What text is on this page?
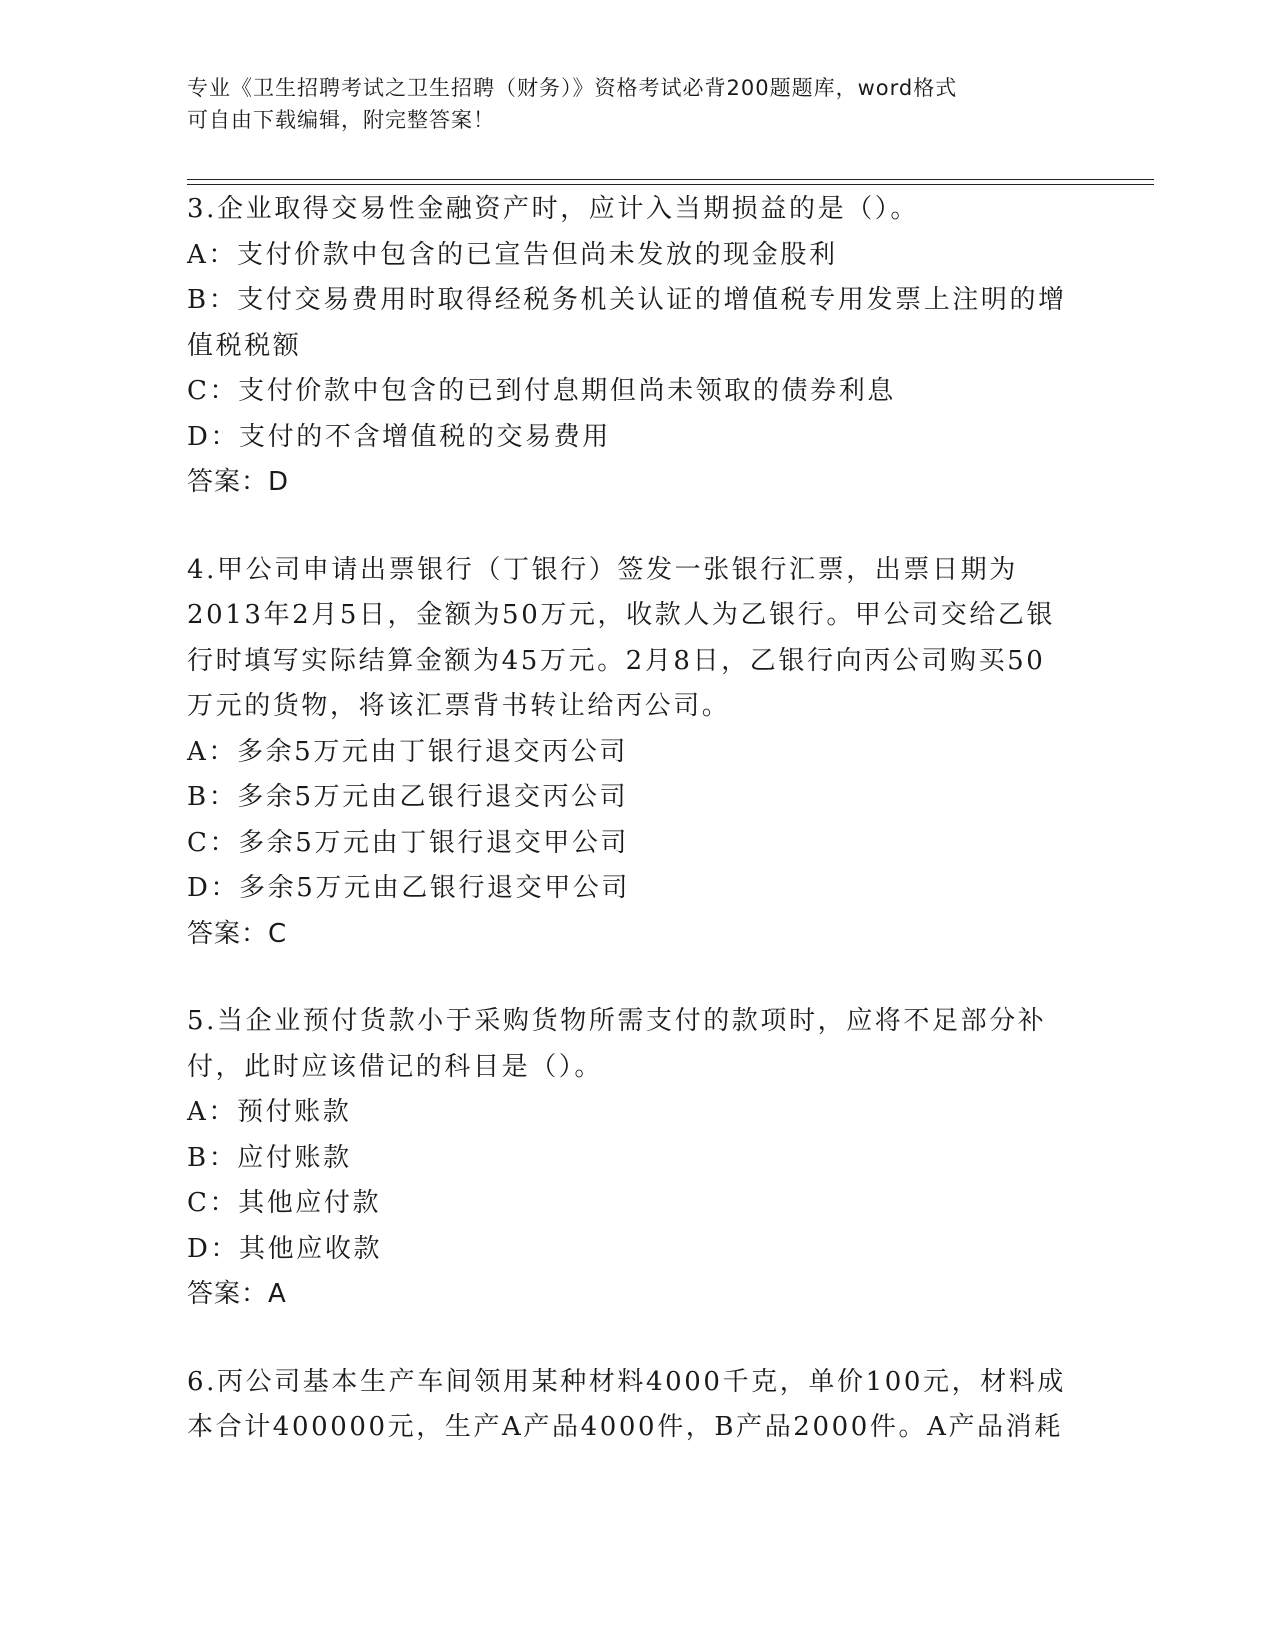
专业《卫生招聘考试之卫生招聘（财务）》资格考试必背200题题库，word格式
可自由下载编辑，附完整答案！
3.企业取得交易性金融资产时，应计入当期损益的是（）。
A：支付价款中包含的已宣告但尚未发放的现金股利
B：支付交易费用时取得经税务机关认证的增值税专用发票上注明的增
值税税额
C：支付价款中包含的已到付息期但尚未领取的债券利息
D：支付的不含增值税的交易费用
答案：D
4.甲公司申请出票银行（丁银行）签发一张银行汇票，出票日期为
2013年2月5日，金额为50万元，收款人为乙银行。甲公司交给乙银
行时填写实际结算金额为45万元。2月8日，乙银行向丙公司购买50
万元的货物，将该汇票背书转让给丙公司。
A：多余5万元由丁银行退交丙公司
B：多余5万元由乙银行退交丙公司
C：多余5万元由丁银行退交甲公司
D：多余5万元由乙银行退交甲公司
答案：C
5.当企业预付货款小于采购货物所需支付的款项时，应将不足部分补
付，此时应该借记的科目是（）。
A：预付账款
B：应付账款
C：其他应付款
D：其他应收款
答案：A
6.丙公司基本生产车间领用某种材料4000千克，单价100元，材料成
本合计400000元，生产A产品4000件，B产品2000件。A产品消耗
